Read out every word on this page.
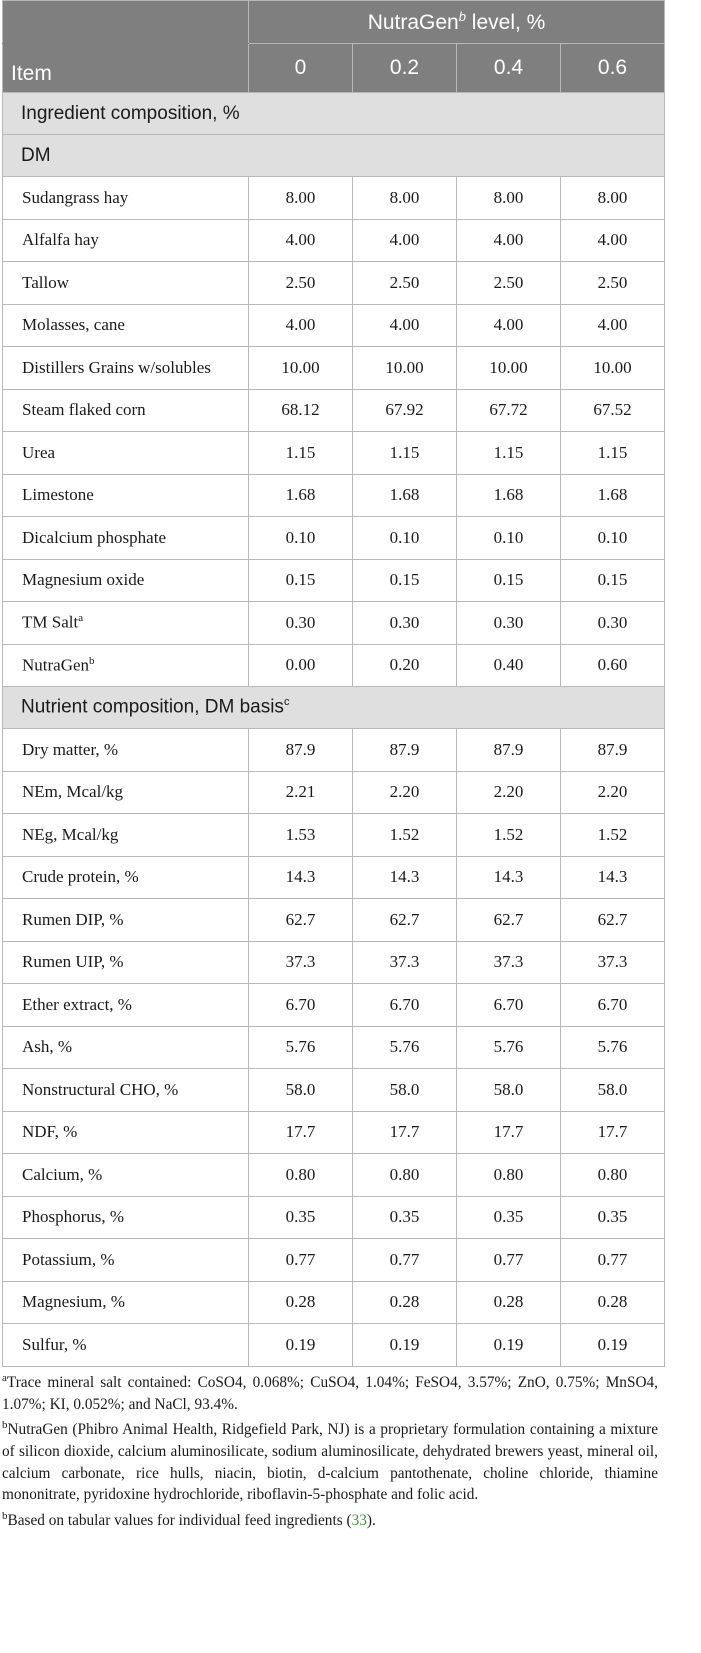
	NutraGen$^b$ level, %			
Item	0	0.2	0.4	0.6
Ingredient composition, %				
DM				
Sudangrass hay	8.00	8.00	8.00	8.00
Alfalfa hay	4.00	4.00	4.00	4.00
Tallow	2.50	2.50	2.50	2.50
Molasses, cane	4.00	4.00	4.00	4.00
Distillers Grains w/solubles	10.00	10.00	10.00	10.00
Steam flaked corn	68.12	67.92	67.72	67.52
Urea	1.15	1.15	1.15	1.15
Limestone	1.68	1.68	1.68	1.68
Dicalcium phosphate	0.10	0.10	0.10	0.10
Magnesium oxide	0.15	0.15	0.15	0.15
TM Salt$^a$	0.30	0.30	0.30	0.30
NutraGen$^b$	0.00	0.20	0.40	0.60
Nutrient composition, DM basis$^c$
Dry matter, %	87.9	87.9	87.9	87.9
NEm, Mcal/kg	2.21	2.20	2.20	2.20
NEg, Mcal/kg	1.53	1.52	1.52	1.52
Crude protein, %	14.3	14.3	14.3	14.3
Rumen DIP, %	62.7	62.7	62.7	62.7
Rumen UIP, %	37.3	37.3	37.3	37.3
Ether extract, %	6.70	6.70	6.70	6.70
Ash, %	5.76	5.76	5.76	5.76
Nonstructural CHO, %	58.0	58.0	58.0	58.0
NDF, %	17.7	17.7	17.7	17.7
Calcium, %	0.80	0.80	0.80	0.80
Phosphorus, %	0.35	0.35	0.35	0.35
Potassium, %	0.77	0.77	0.77	0.77
Magnesium, %	0.28	0.28	0.28	0.28
Sulfur, %	0.19	0.19	0.19	0.19

$^a$Trace mineral salt contained: CoSO4, 0.068%; CuSO4, 1.04%; FeSO4, 3.57%; ZnO, 0.75%; MnSO4, 1.07%; KI, 0.052%; and NaCl, 93.4%.

$^b$NutraGen (Phibro Animal Health, Ridgefield Park, NJ) is a proprietary formulation containing a mixture of silicon dioxide, calcium aluminosilicate, sodium aluminosilicate, dehydrated brewers yeast, mineral oil, calcium carbonate, rice hulls, niacin, biotin, d-calcium pantothenate, choline chloride, thiamine mononitrate, pyridoxine hydrochloride, riboflavin-5-phosphate and folic acid.

$^b$Based on tabular values for individual feed ingredients (33).
